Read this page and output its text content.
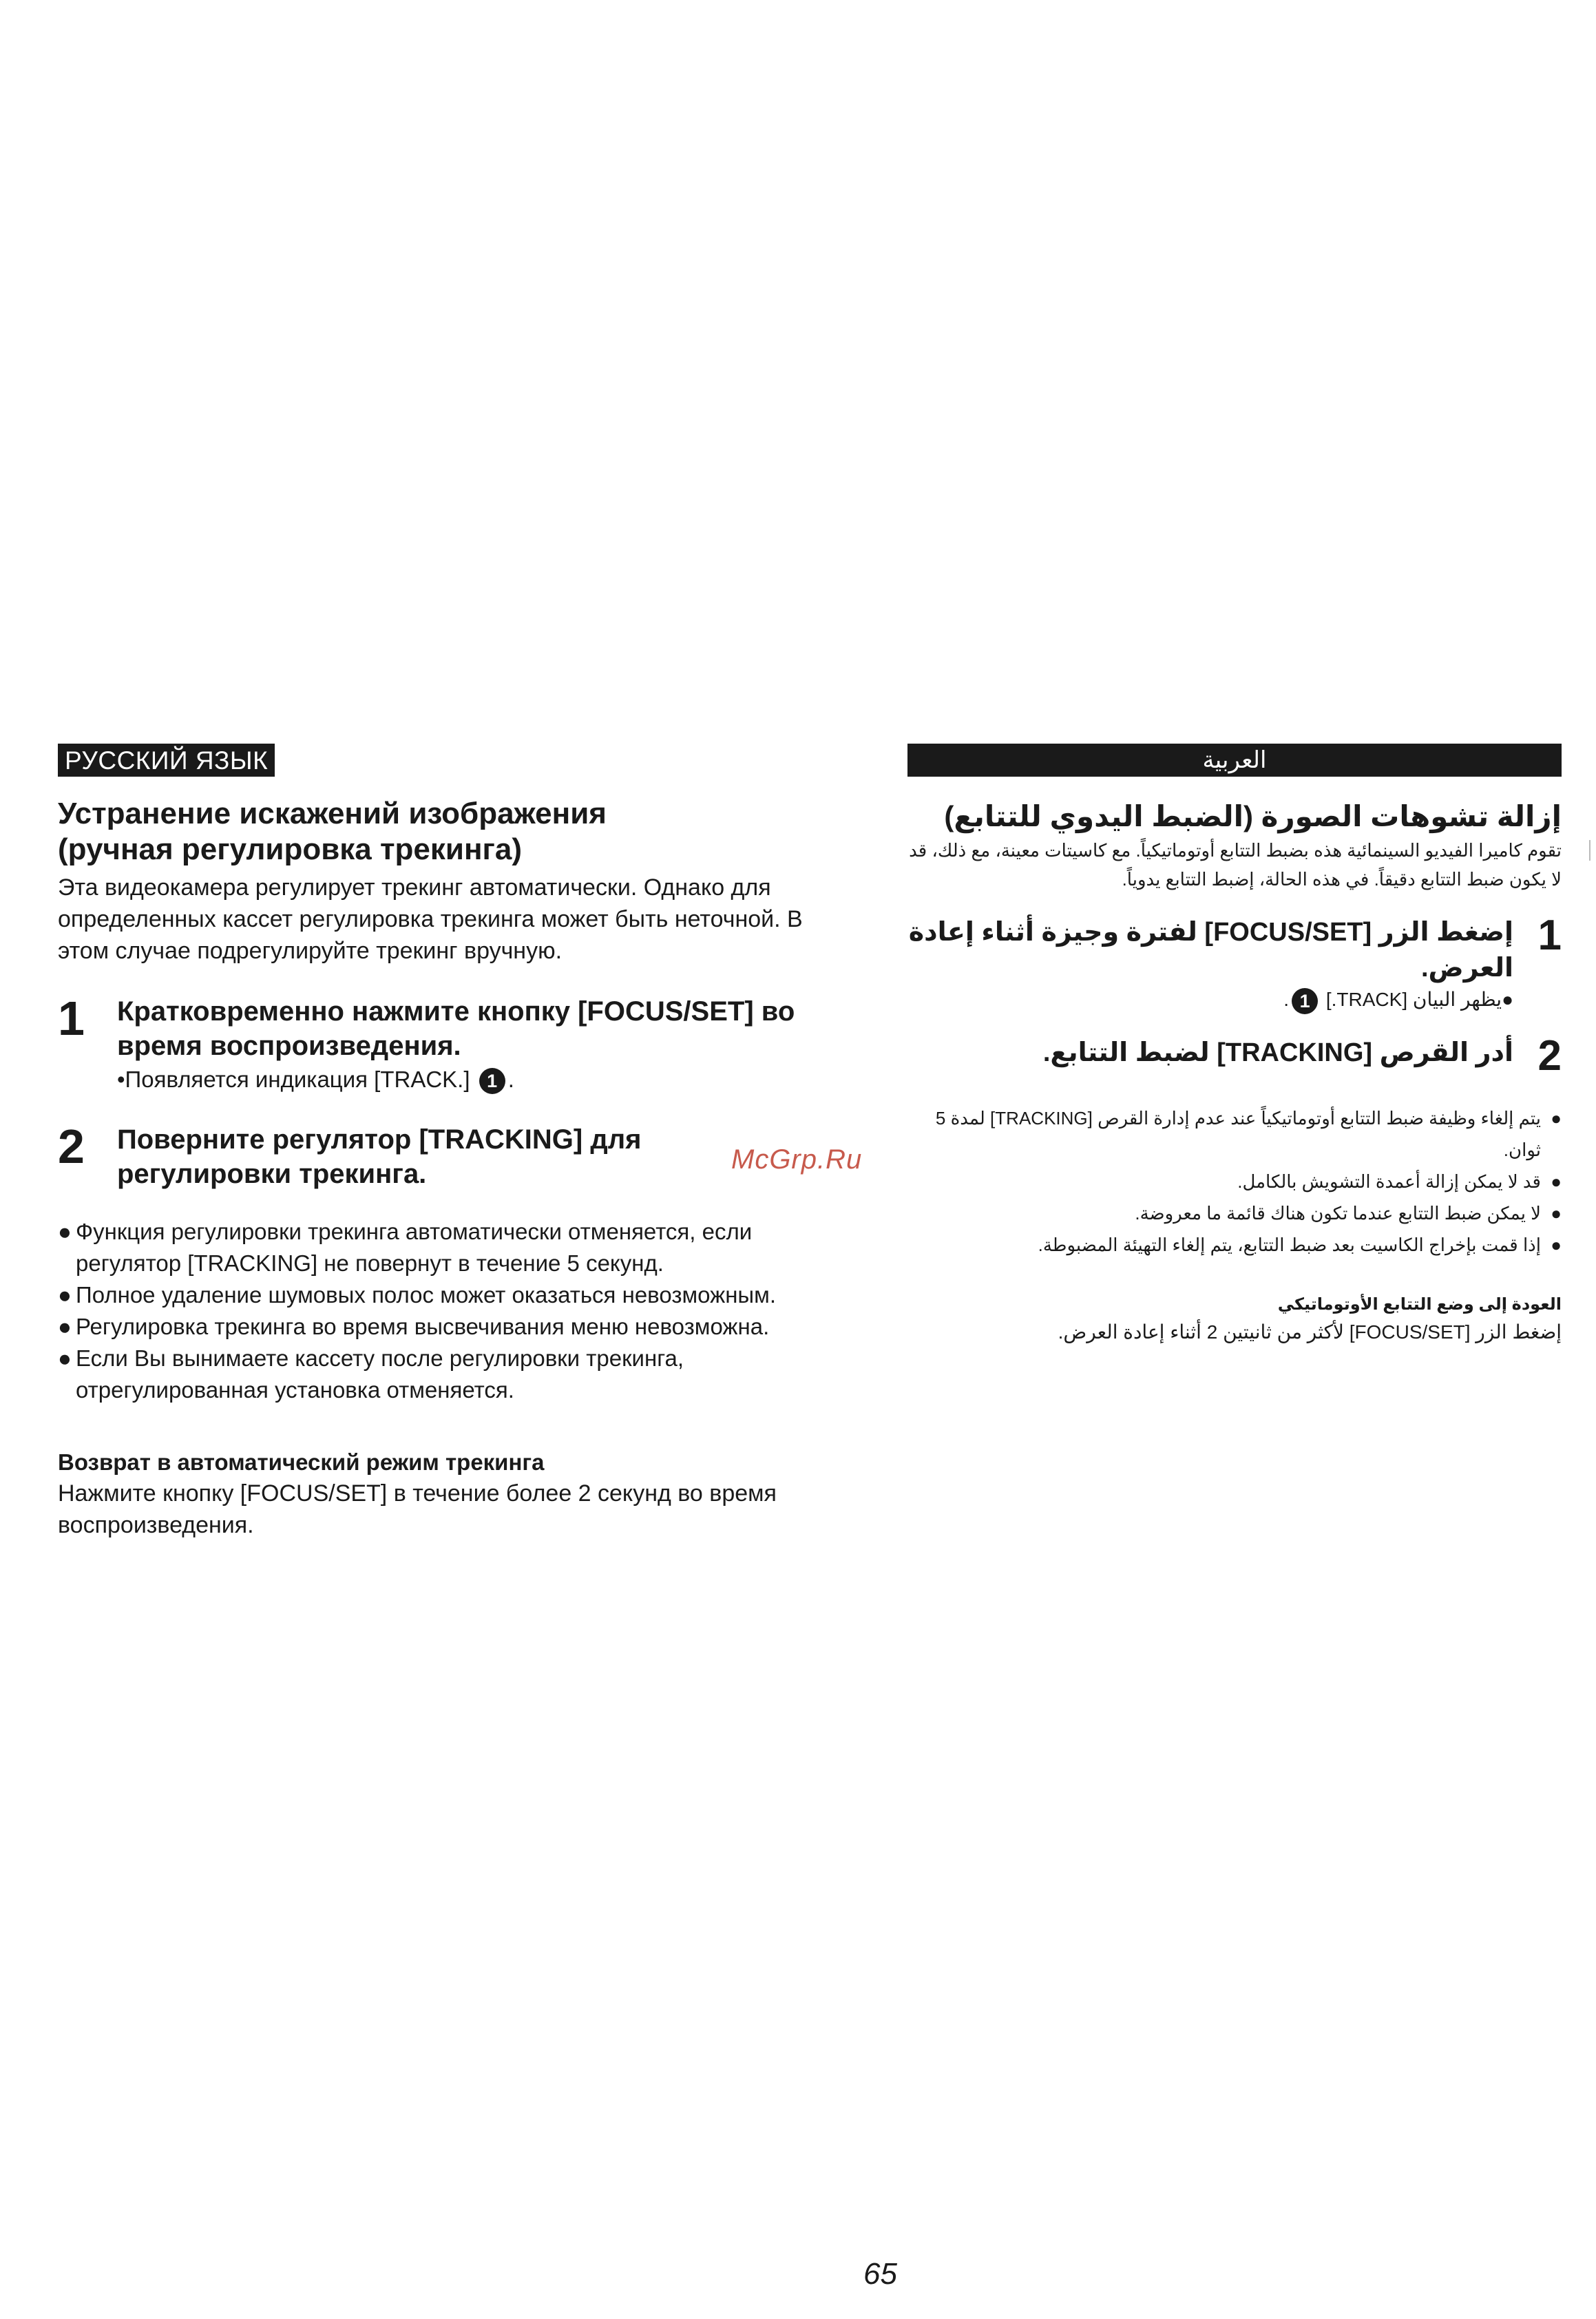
РУССКИЙ ЯЗЫК
Устранение искажений изображения
(ручная регулировка трекинга)
Эта видеокамера регулирует трекинг автоматически. Однако для определенных кассет регулировка трекинга может быть неточной. В этом случае подрегулируйте трекинг вручную.
1	Кратковременно нажмите кнопку [FOCUS/SET] во время воспроизведения.
•Появляется индикация [TRACK.] 1 .
2	Поверните регулятор [TRACKING] для регулировки трекинга.
● Функция регулировки трекинга автоматически отменяется, если регулятор [TRACKING] не повернут в течение 5 секунд.
● Полное удаление шумовых полос может оказаться невозможным.
● Регулировка трекинга во время высвечивания меню невозможна.
● Если Вы вынимаете кассету после регулировки трекинга, отрегулированная установка отменяется.
Возврат в автоматический режим трекинга
Нажмите кнопку [FOCUS/SET] в течение более 2 секунд во время воспроизведения.
McGrp.Ru
العربية
إزالة تشوهات الصورة (الضبط اليدوي للتتابع)
تقوم كاميرا الفيديو السينمائية هذه بضبط التتابع أوتوماتيكياً. مع كاسيتات معينة، مع ذلك، قد لا يكون ضبط التتابع دقيقاً. في هذه الحالة، إضبط التتابع يدوياً.
1
إضغط الزر [FOCUS/SET] لفترة وجيزة أثناء إعادة العرض.
●يظهر البيان [TRACK.] 1.
2
أدر القرص [TRACKING] لضبط التتابع.
●
يتم إلغاء وظيفة ضبط التتابع أوتوماتيكياً عند عدم إدارة القرص [TRACKING] لمدة 5 ثوان.
●
قد لا يمكن إزالة أعمدة التشويش بالكامل.
●
لا يمكن ضبط التتابع عندما تكون هناك قائمة ما معروضة.
●
إذا قمت بإخراج الكاسيت بعد ضبط التتابع، يتم إلغاء التهيئة المضبوطة.
العودة إلى وضع التتابع الأوتوماتيكي
إضغط الزر [FOCUS/SET] لأكثر من ثانيتين 2 أثناء إعادة العرض.
65
